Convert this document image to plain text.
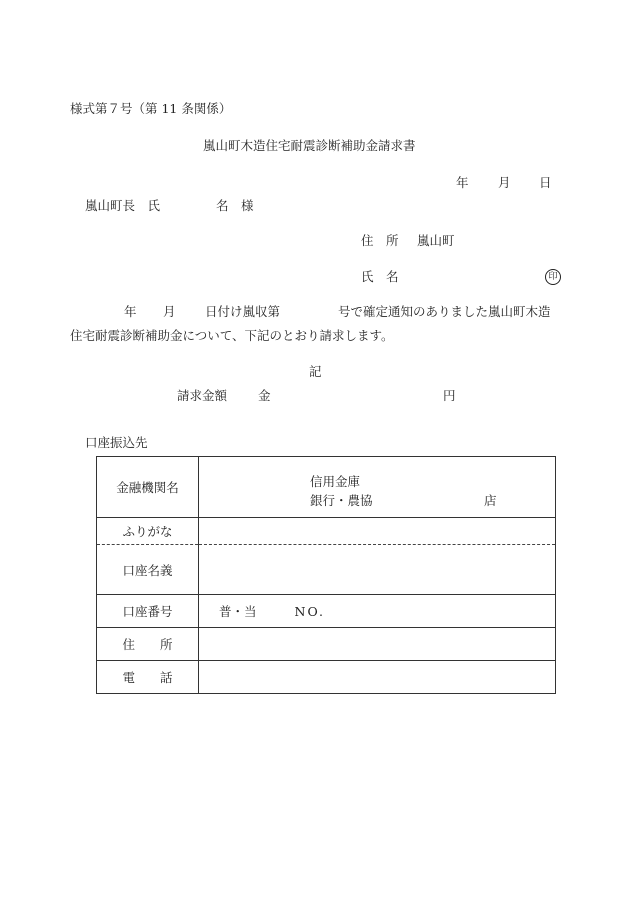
様式第７号（第 11 条関係）
嵐山町木造住宅耐震診断補助金請求書
年 月 日
嵐山町長　氏	名　様
住　所 嵐山町
氏　名	印
年 月 日付け嵐収第	号で確定通知のありました嵐山町木造
住宅耐震診断補助金について、下記のとおり請求します。
記
請求金額 金	円
口座振込先
金融機関名	信用金庫
銀行・農協 店

ふりがな	
口座名義	
口座番号	普・当 NO.
住　　所	
電　　話	
